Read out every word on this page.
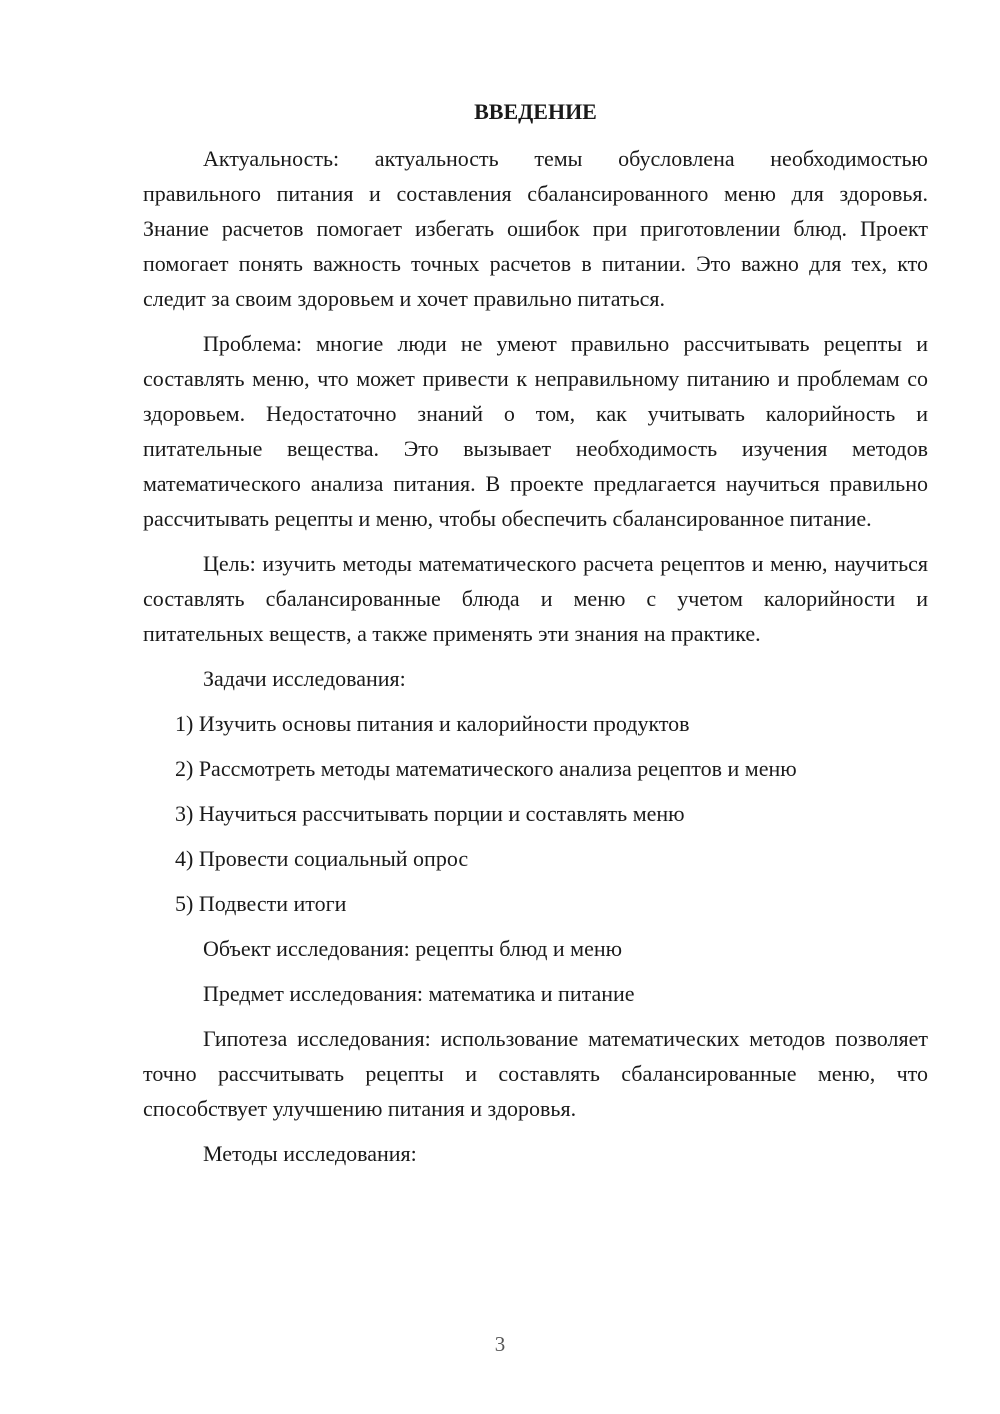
ВВЕДЕНИЕ

Актуальность: актуальность темы обусловлена необходимостью правильного питания и составления сбалансированного меню для здоровья. Знание расчетов помогает избегать ошибок при приготовлении блюд. Проект помогает понять важность точных расчетов в питании. Это важно для тех, кто следит за своим здоровьем и хочет правильно питаться.

Проблема: многие люди не умеют правильно рассчитывать рецепты и составлять меню, что может привести к неправильному питанию и проблемам со здоровьем. Недостаточно знаний о том, как учитывать калорийность и питательные вещества. Это вызывает необходимость изучения методов математического анализа питания. В проекте предлагается научиться правильно рассчитывать рецепты и меню, чтобы обеспечить сбалансированное питание.

Цель: изучить методы математического расчета рецептов и меню, научиться составлять сбалансированные блюда и меню с учетом калорийности и питательных веществ, а также применять эти знания на практике.

Задачи исследования:

1) Изучить основы питания и калорийности продуктов

2) Рассмотреть методы математического анализа рецептов и меню

3) Научиться рассчитывать порции и составлять меню

4) Провести социальный опрос

5) Подвести итоги

Объект исследования: рецепты блюд и меню

Предмет исследования: математика и питание

Гипотеза исследования: использование математических методов позволяет точно рассчитывать рецепты и составлять сбалансированные меню, что способствует улучшению питания и здоровья.

Методы исследования:

3
